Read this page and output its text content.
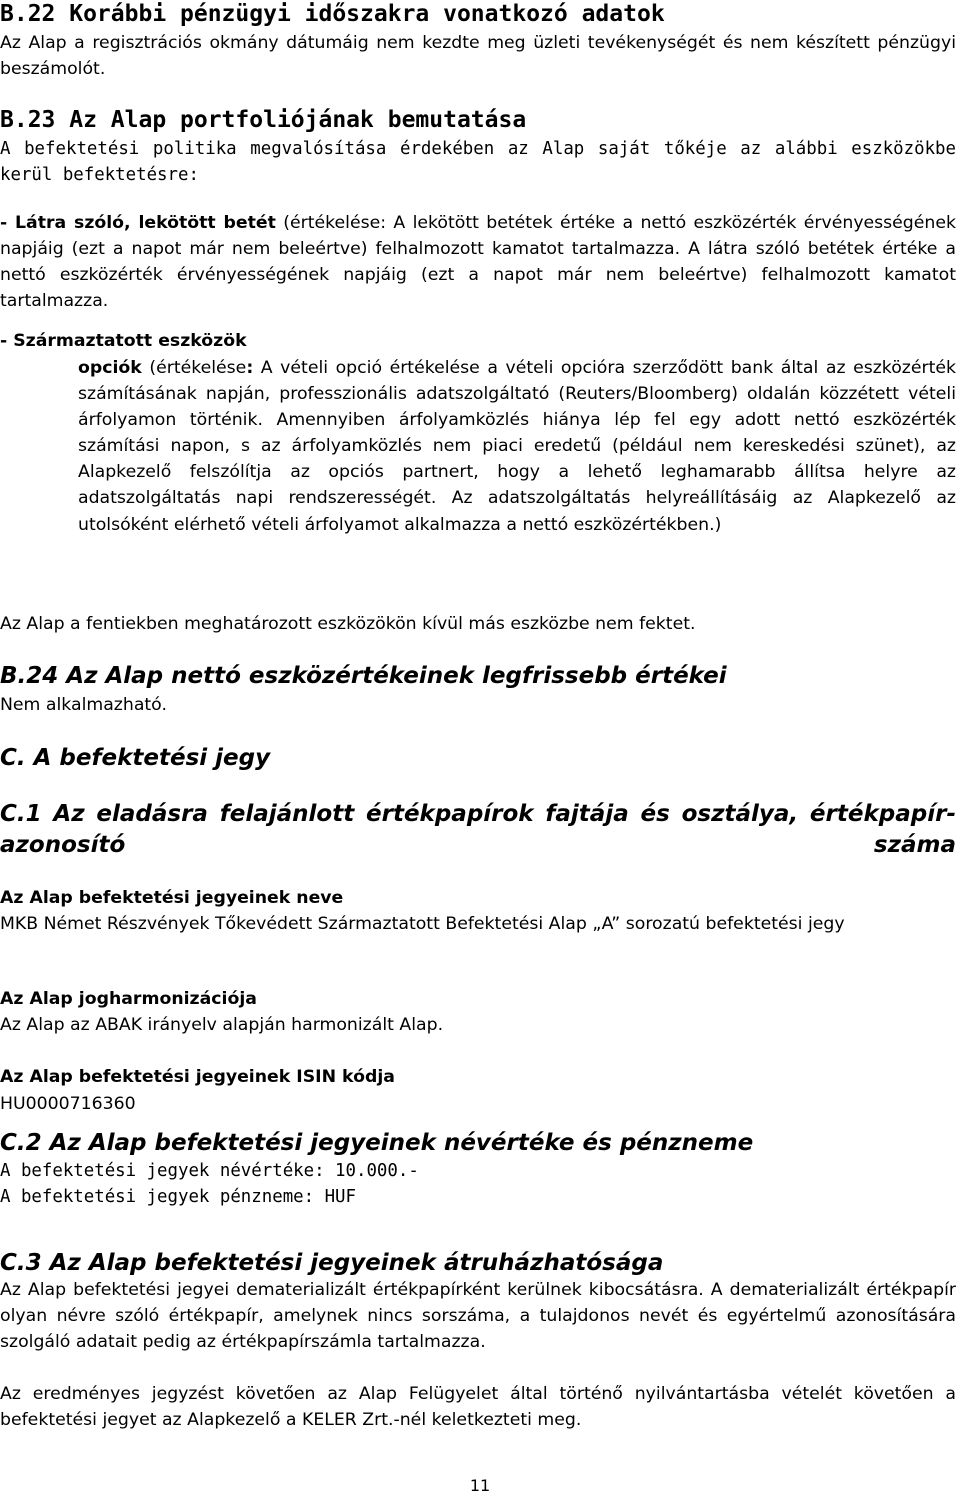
B.22 Korábbi pénzügyi időszakra vonatkozó adatok
Az Alap a regisztrációs okmány dátumáig nem kezdte meg üzleti tevékenységét és nem készített pénzügyi beszámolót.
B.23 Az Alap portfoliójának bemutatása
A befektetési politika megvalósítása érdekében az Alap saját tőkéje az alábbi eszközökbe kerül befektetésre:
- Látra szóló, lekötött betét (értékelése: A lekötött betétek értéke a nettó eszközérték érvényességének napjáig (ezt a napot már nem beleértve) felhalmozott kamatot tartalmazza. A látra szóló betétek értéke a nettó eszközérték érvényességének napjáig (ezt a napot már nem beleértve) felhalmozott kamatot tartalmazza.
- Származtatott eszközök
opciók (értékelése: A vételi opció értékelése a vételi opcióra szerződött bank által az eszközérték számításának napján, professzionális adatszolgáltató (Reuters/Bloomberg) oldalán közzétett vételi árfolyamon történik. Amennyiben árfolyamközlés hiánya lép fel egy adott nettó eszközérték számítási napon, s az árfolyamközlés nem piaci eredetű (például nem kereskedési szünet), az Alapkezelő felszólítja az opciós partnert, hogy a lehető leghamarabb állítsa helyre az adatszolgáltatás napi rendszerességét. Az adatszolgáltatás helyreállításáig az Alapkezelő az utolsóként elérhető vételi árfolyamot alkalmazza a nettó eszközértékben.)
Az Alap a fentiekben meghatározott eszközökön kívül más eszközbe nem fektet.
B.24 Az Alap nettó eszközértékeinek legfrissebb értékei
Nem alkalmazható.
C. A befektetési jegy
C.1 Az eladásra felajánlott értékpapírok fajtája és osztálya, értékpapír-azonosító száma
Az Alap befektetési jegyeinek neve
MKB Német Részvények Tőkevédett Származtatott Befektetési Alap „A” sorozatú befektetési jegy
Az Alap jogharmonizációja
Az Alap az ABAK irányelv alapján harmonizált Alap.
Az Alap befektetési jegyeinek ISIN kódja
HU0000716360
C.2 Az Alap befektetési jegyeinek névértéke és pénzneme
A befektetési jegyek névértéke: 10.000.-
A befektetési jegyek pénzneme: HUF
C.3 Az Alap befektetési jegyeinek átruházhatósága
Az Alap befektetési jegyei dematerializált értékpapírként kerülnek kibocsátásra. A dematerializált értékpapír olyan névre szóló értékpapír, amelynek nincs sorszáma, a tulajdonos nevét és egyértelmű azonosítására szolgáló adatait pedig az értékpapírszámla tartalmazza.
Az eredményes jegyzést követően az Alap Felügyelet által történő nyilvántartásba vételét követően a befektetési jegyet az Alapkezelő a KELER Zrt.-nél keletkezteti meg.
11
